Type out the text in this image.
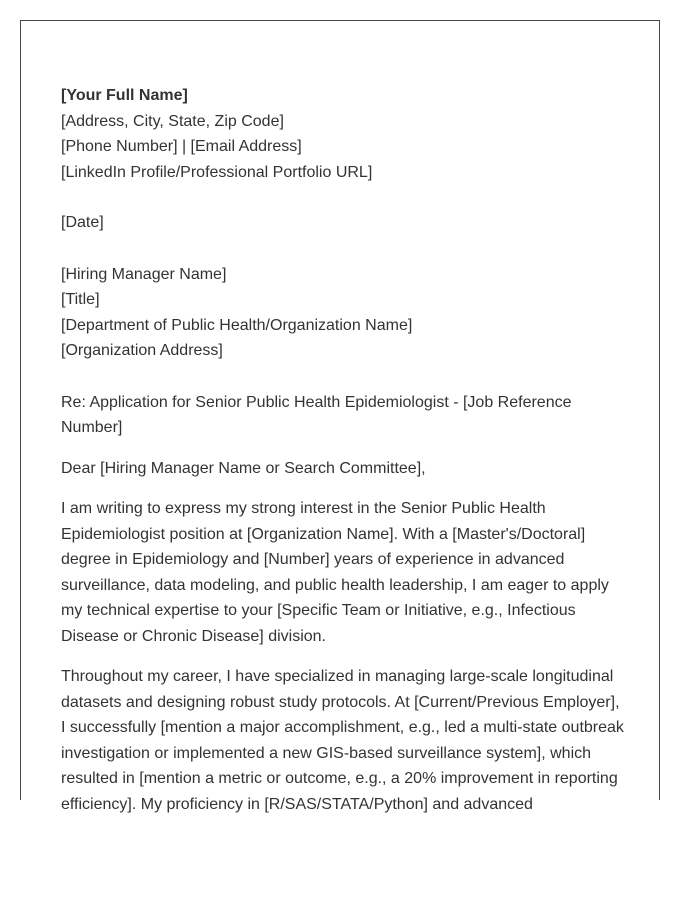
[Your Full Name]
[Address, City, State, Zip Code]
[Phone Number] | [Email Address]
[LinkedIn Profile/Professional Portfolio URL]
[Date]
[Hiring Manager Name]
[Title]
[Department of Public Health/Organization Name]
[Organization Address]

Re: Application for Senior Public Health Epidemiologist - [Job Reference Number]

Dear [Hiring Manager Name or Search Committee],

I am writing to express my strong interest in the Senior Public Health Epidemiologist position at [Organization Name]. With a [Master's/Doctoral] degree in Epidemiology and [Number] years of experience in advanced surveillance, data modeling, and public health leadership, I am eager to apply my technical expertise to your [Specific Team or Initiative, e.g., Infectious Disease or Chronic Disease] division.

Throughout my career, I have specialized in managing large-scale longitudinal datasets and designing robust study protocols. At [Current/Previous Employer], I successfully [mention a major accomplishment, e.g., led a multi-state outbreak investigation or implemented a new GIS-based surveillance system], which resulted in [mention a metric or outcome, e.g., a 20% improvement in reporting efficiency]. My proficiency in [R/SAS/STATA/Python] and advanced
